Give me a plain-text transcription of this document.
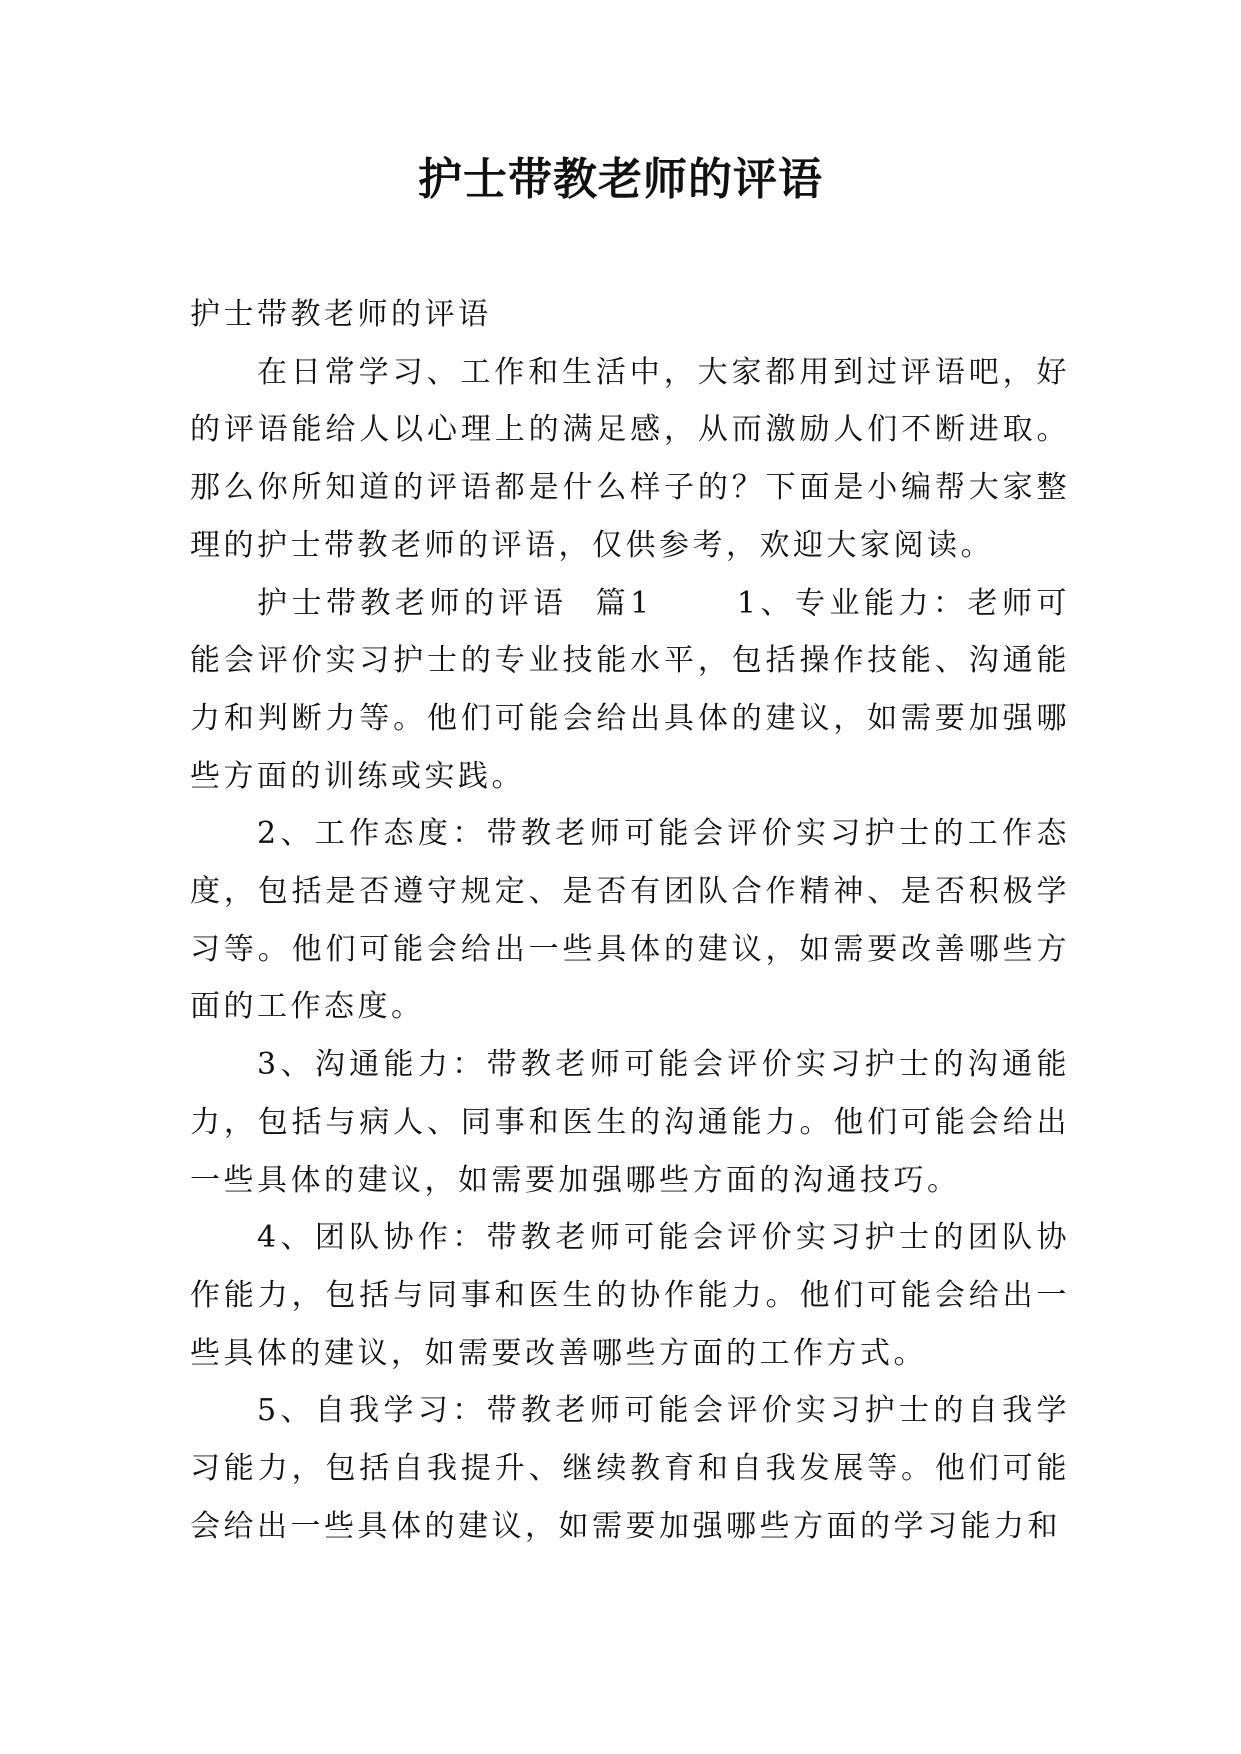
护士带教老师的评语

护士带教老师的评语

在日常学习、工作和生活中，大家都用到过评语吧，好的评语能给人以心理上的满足感，从而激励人们不断进取。那么你所知道的评语都是什么样子的？下面是小编帮大家整理的护士带教老师的评语，仅供参考，欢迎大家阅读。

护士带教老师的评语  篇1      1、专业能力：老师可能会评价实习护士的专业技能水平，包括操作技能、沟通能力和判断力等。他们可能会给出具体的建议，如需要加强哪些方面的训练或实践。

2、工作态度：带教老师可能会评价实习护士的工作态度，包括是否遵守规定、是否有团队合作精神、是否积极学习等。他们可能会给出一些具体的建议，如需要改善哪些方面的工作态度。

3、沟通能力：带教老师可能会评价实习护士的沟通能力，包括与病人、同事和医生的沟通能力。他们可能会给出一些具体的建议，如需要加强哪些方面的沟通技巧。

4、团队协作：带教老师可能会评价实习护士的团队协作能力，包括与同事和医生的协作能力。他们可能会给出一些具体的建议，如需要改善哪些方面的工作方式。

5、自我学习：带教老师可能会评价实习护士的自我学习能力，包括自我提升、继续教育和自我发展等。他们可能会给出一些具体的建议，如需要加强哪些方面的学习能力和
